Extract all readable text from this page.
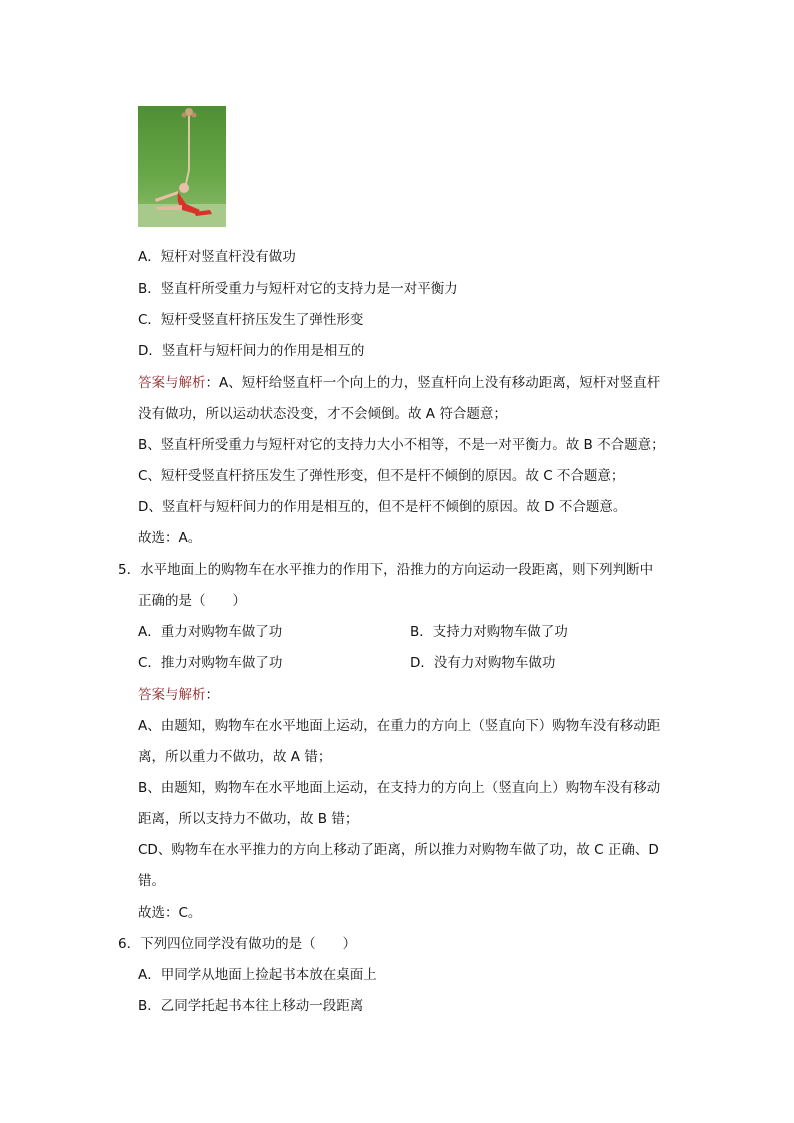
A．短杆对竖直杆没有做功
B．竖直杆所受重力与短杆对它的支持力是一对平衡力
C．短杆受竖直杆挤压发生了弹性形变
D．竖直杆与短杆间力的作用是相互的
答案与解析：A、短杆给竖直杆一个向上的力，竖直杆向上没有移动距离，短杆对竖直杆
没有做功，所以运动状态没变，才不会倾倒。故 A 符合题意；
B、竖直杆所受重力与短杆对它的支持力大小不相等，不是一对平衡力。故 B 不合题意；
C、短杆受竖直杆挤压发生了弹性形变，但不是杆不倾倒的原因。故 C 不合题意；
D、竖直杆与短杆间力的作用是相互的，但不是杆不倾倒的原因。故 D 不合题意。
故选：A。
5．水平地面上的购物车在水平推力的作用下，沿推力的方向运动一段距离，则下列判断中
正确的是（　　）
A．重力对购物车做了功	B．支持力对购物车做了功
C．推力对购物车做了功	D．没有力对购物车做功
答案与解析：
A、由题知，购物车在水平地面上运动，在重力的方向上（竖直向下）购物车没有移动距
离，所以重力不做功，故 A 错；
B、由题知，购物车在水平地面上运动，在支持力的方向上（竖直向上）购物车没有移动
距离，所以支持力不做功，故 B 错；
CD、购物车在水平推力的方向上移动了距离，所以推力对购物车做了功，故 C 正确、D
错。
故选：C。
6．下列四位同学没有做功的是（　　）
A．甲同学从地面上捡起书本放在桌面上
B．乙同学托起书本往上移动一段距离
